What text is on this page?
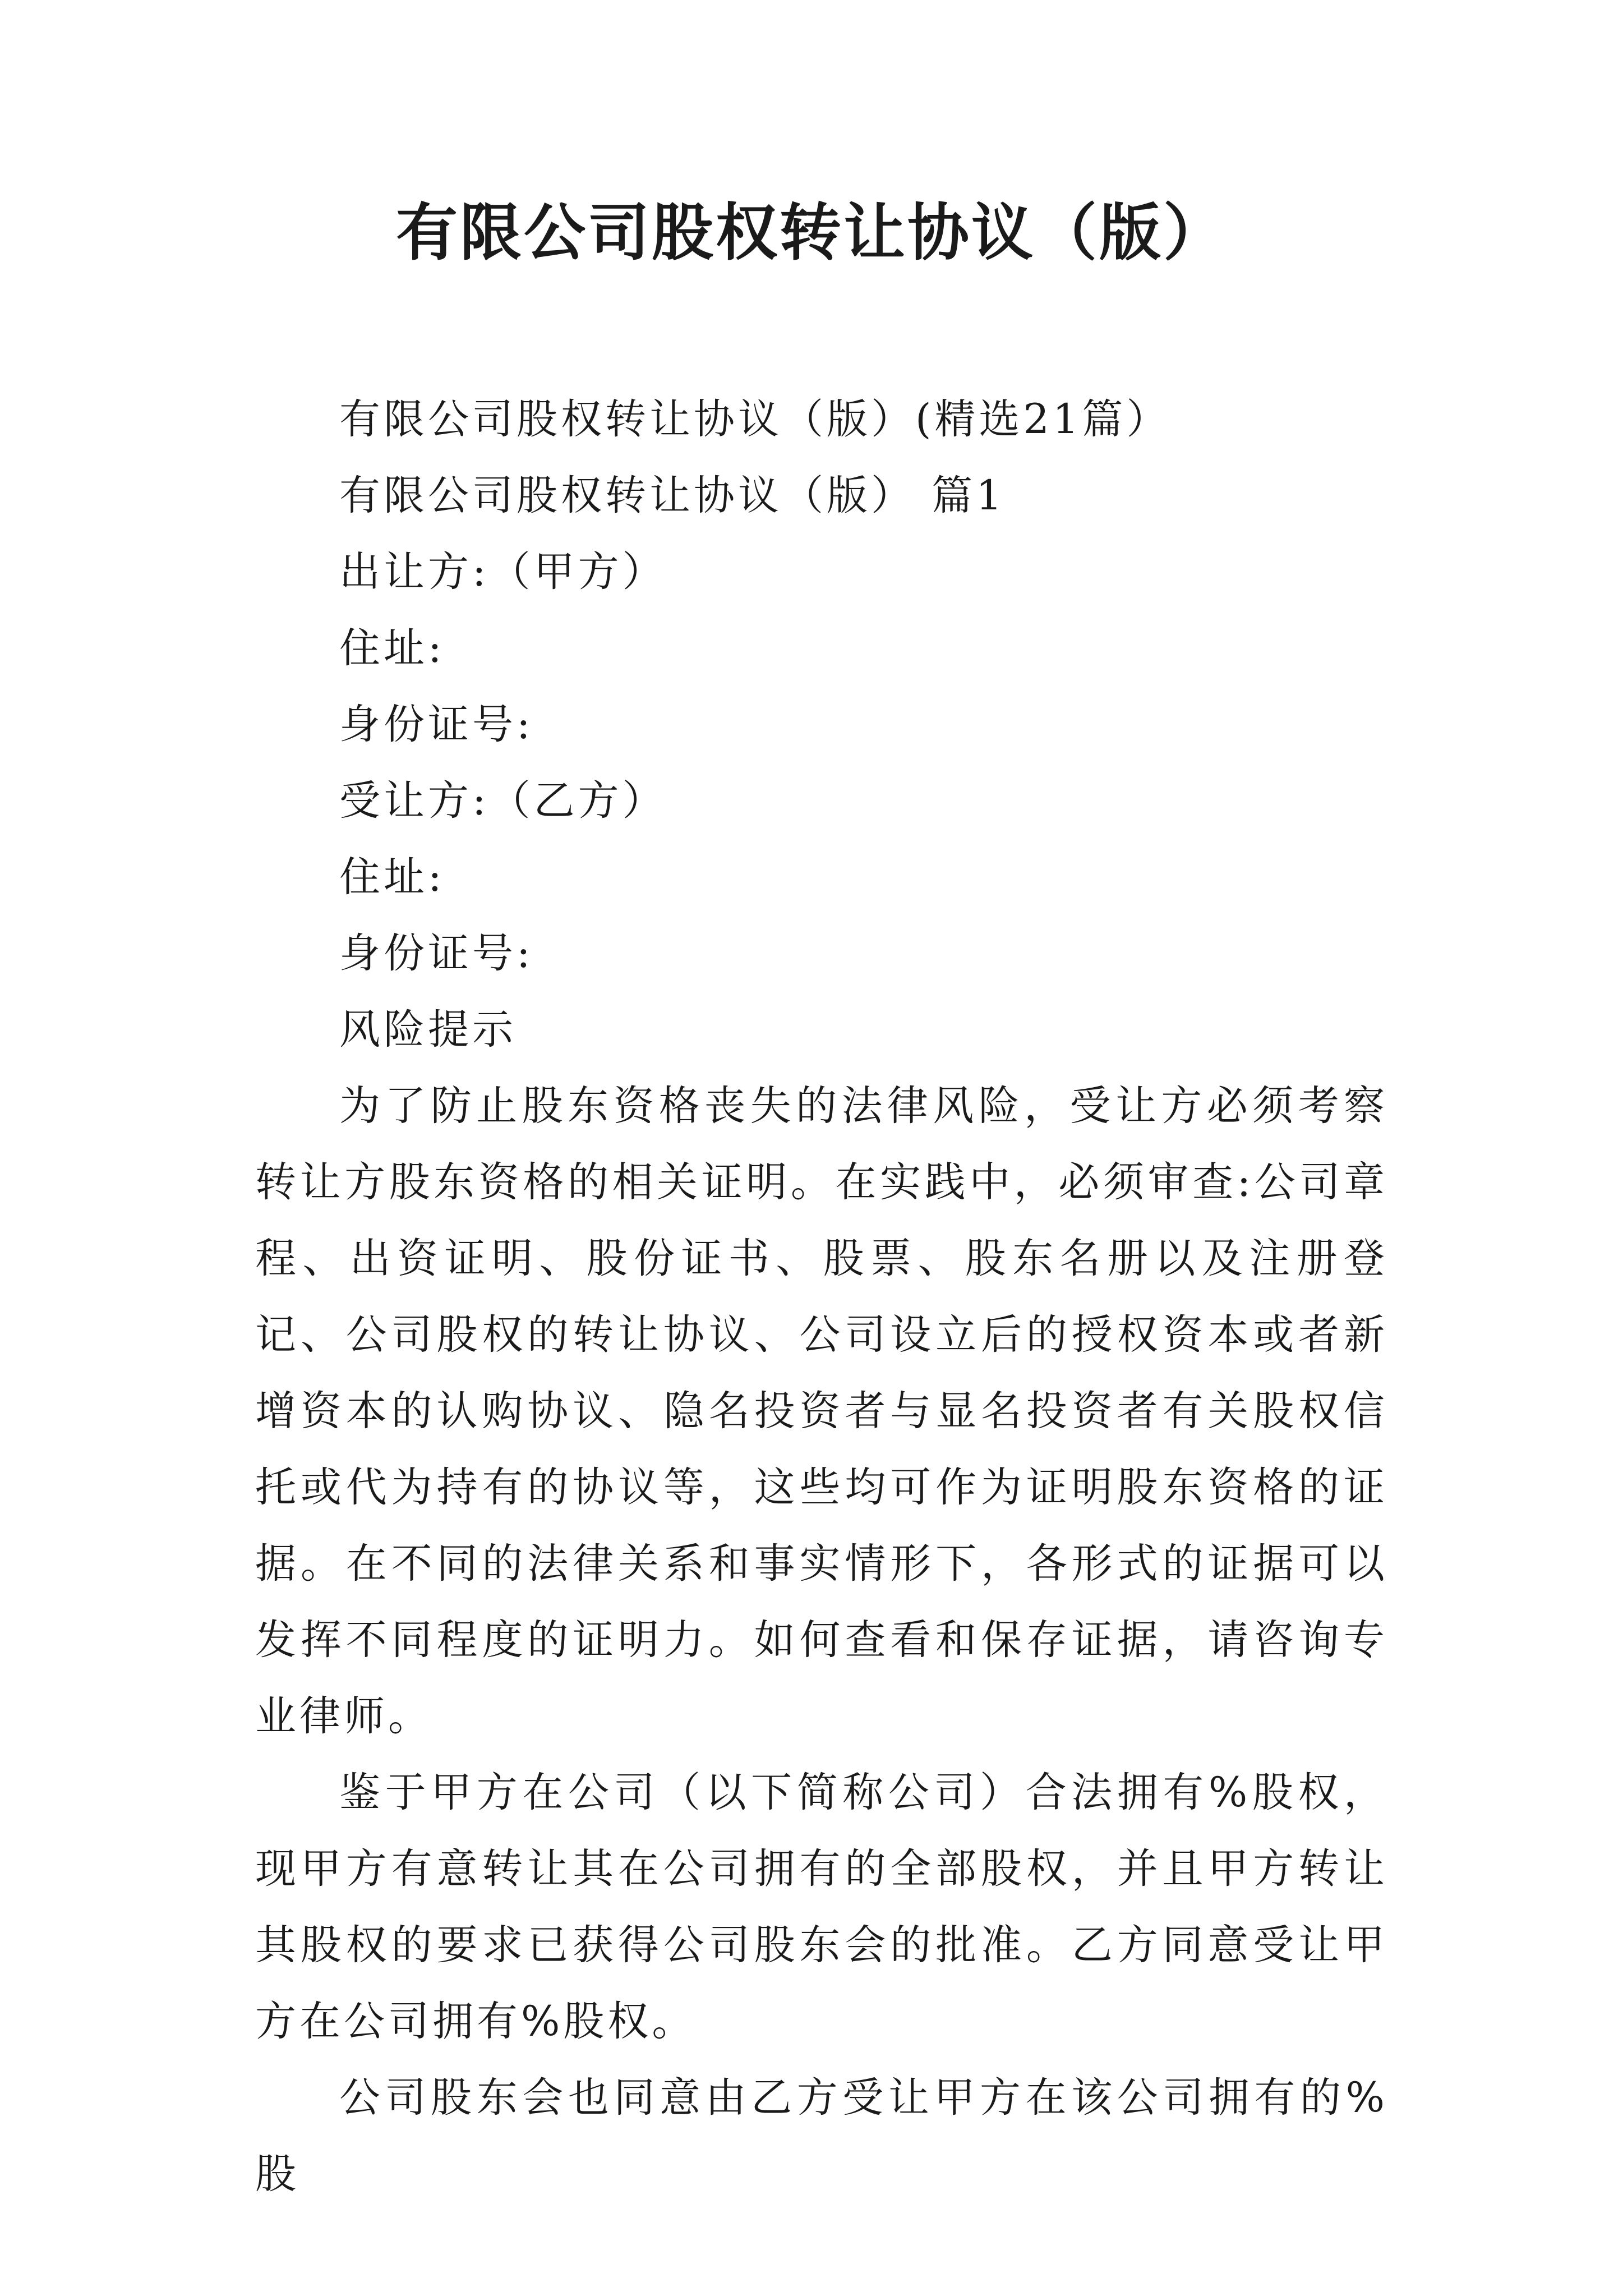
有限公司股权转让协议（版）

有限公司股权转让协议（版）(精选21篇）

有限公司股权转让协议（版） 篇1

出让方:（甲方）

住址:

身份证号:

受让方:（乙方）

住址:

身份证号:

风险提示

为了防止股东资格丧失的法律风险，受让方必须考察转让方股东资格的相关证明。在实践中，必须审查:公司章程、出资证明、股份证书、股票、股东名册以及注册登记、公司股权的转让协议、公司设立后的授权资本或者新增资本的认购协议、隐名投资者与显名投资者有关股权信托或代为持有的协议等，这些均可作为证明股东资格的证据。在不同的法律关系和事实情形下，各形式的证据可以发挥不同程度的证明力。如何查看和保存证据，请咨询专业律师。

鉴于甲方在公司（以下简称公司）合法拥有%股权，现甲方有意转让其在公司拥有的全部股权，并且甲方转让其股权的要求已获得公司股东会的批准。乙方同意受让甲方在公司拥有%股权。

公司股东会也同意由乙方受让甲方在该公司拥有的%股
